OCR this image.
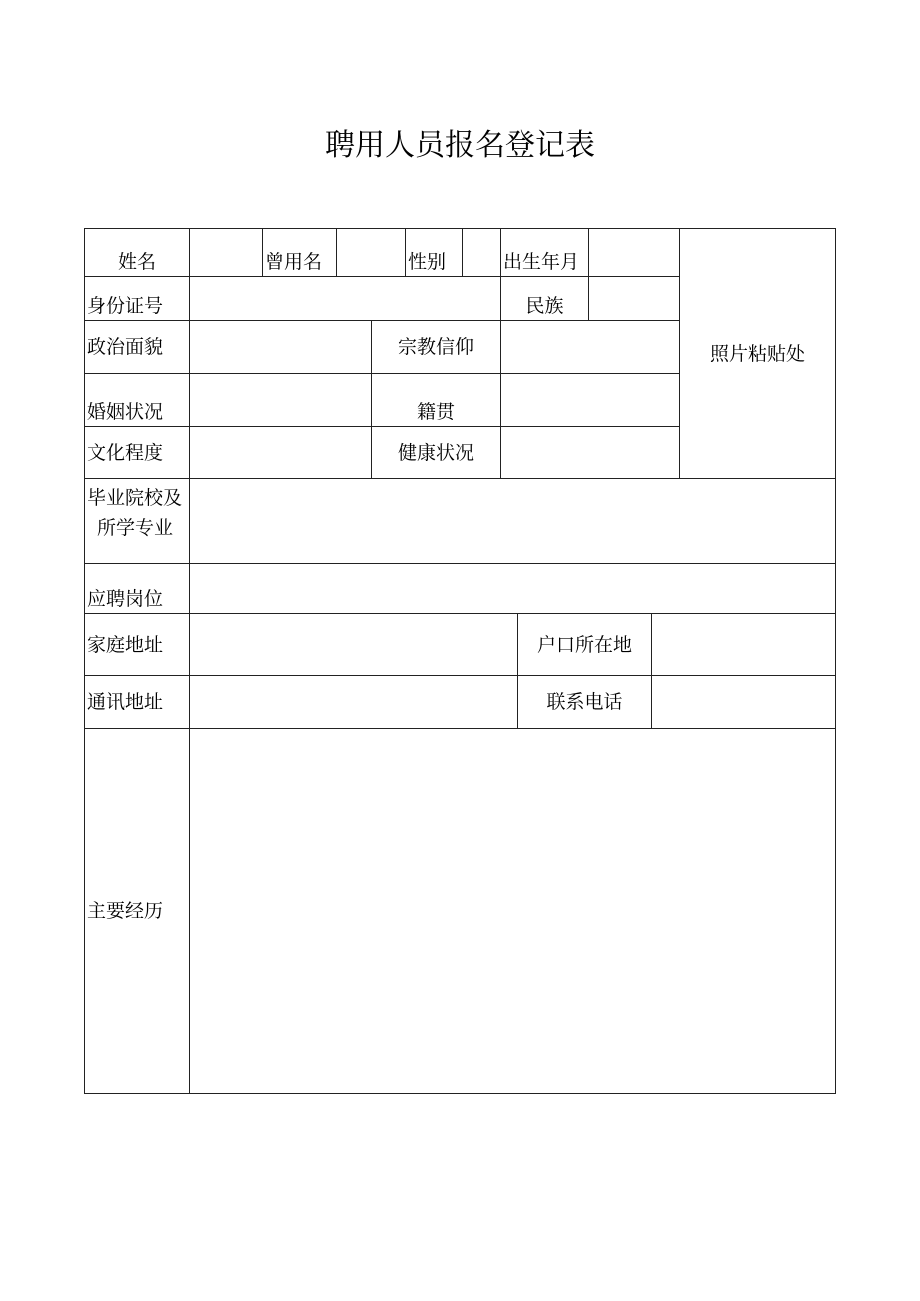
聘用人员报名登记表
姓名	曾用名	性别	出生年月
照片粘贴处
身份证号	民族
政治面貌	宗教信仰
婚姻状况	籍贯
文化程度	健康状况
毕业院校及
所学专业
应聘岗位
家庭地址	户口所在地
通讯地址	联系电话
主要经历
